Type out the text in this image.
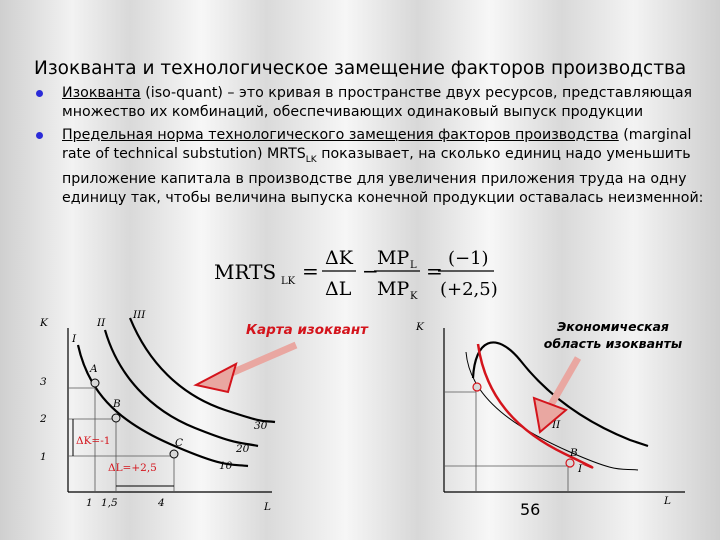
Изокванта и технологическое замещение факторов производства
Изокванта (iso-quant) – это кривая в пространстве двух ресурсов, представляющая множество их комбинаций, обеспечивающих одинаковый выпуск продукции
Предельная норма технологического замещения факторов производства (marginal rate of technical substution) $MRTS_{LK}$ показывает, на сколько единиц надо уменьшить приложение капитала в производстве для увеличения приложения труда на одну единицу так, чтобы величина выпуска конечной продукции оставалась неизменной:
MRTS LK =
ΔK
ΔL
−
MP L
MP K
=
(−1)
(+2,5)
K
L
I
II
III
10
20
30
A
B
C
1
2
3
1 1,5	4
ΔK=-1
ΔL=+2,5
Карта изоквант	K
L
II
B
I
Экономическая область изокванты
56
